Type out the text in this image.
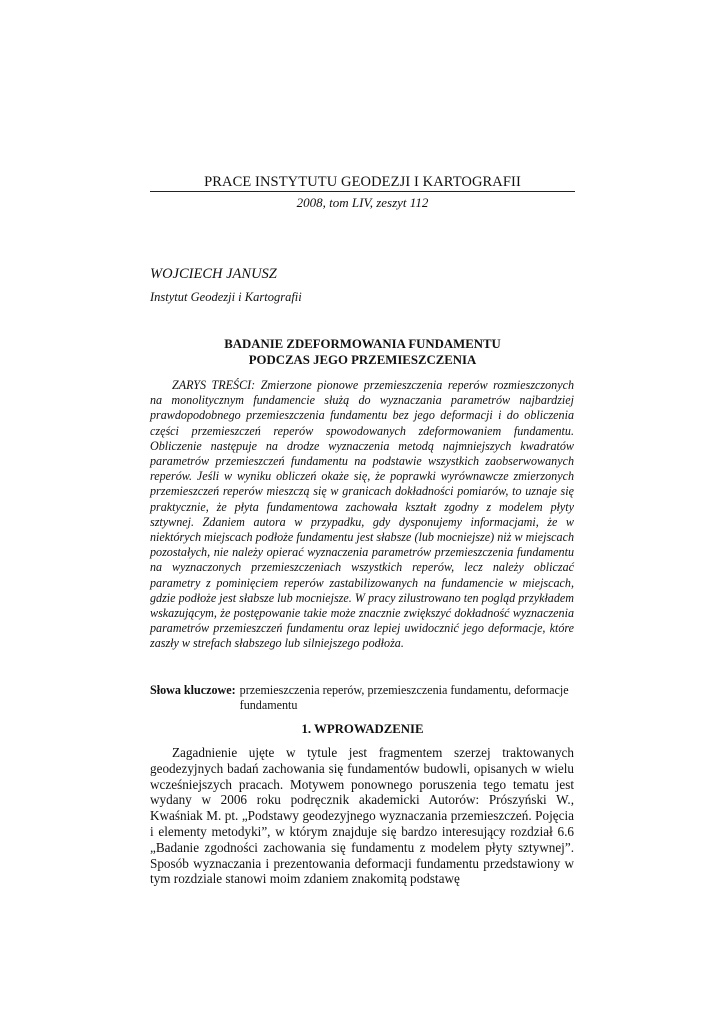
PRACE INSTYTUTU GEODEZJI I KARTOGRAFII
2008, tom LIV, zeszyt 112
WOJCIECH JANUSZ
Instytut Geodezji i Kartografii
BADANIE ZDEFORMOWANIA FUNDAMENTU
PODCZAS JEGO PRZEMIESZCZENIA

ZARYS TREŚCI: Zmierzone pionowe przemieszczenia reperów rozmieszczonych na monolitycznym fundamencie służą do wyznaczania parametrów najbardziej prawdopodobnego przemieszczenia fundamentu bez jego deformacji i do obliczenia części przemieszczeń reperów spowodowanych zdeformowaniem fundamentu. Obliczenie następuje na drodze wyznaczenia metodą najmniejszych kwadratów parametrów przemieszczeń fundamentu na podstawie wszystkich zaobserwowanych reperów. Jeśli w wyniku obliczeń okaże się, że poprawki wyrównawcze zmierzonych przemieszczeń reperów mieszczą się w granicach dokładności pomiarów, to uznaje się praktycznie, że płyta fundamentowa zachowała kształt zgodny z modelem płyty sztywnej. Zdaniem autora w przypadku, gdy dysponujemy informacjami, że w niektórych miejscach podłoże fundamentu jest słabsze (lub mocniejsze) niż w miejscach pozostałych, nie należy opierać wyznaczenia parametrów przemieszczenia fundamentu na wyznaczonych przemieszczeniach wszystkich reperów, lecz należy obliczać parametry z pominięciem reperów zastabilizowanych na fundamencie w miejscach, gdzie podłoże jest słabsze lub mocniejsze. W pracy zilustrowano ten pogląd przykładem wskazującym, że postępowanie takie może znacznie zwiększyć dokładność wyznaczenia parametrów przemieszczeń fundamentu oraz lepiej uwidocznić jego deformacje, które zaszły w strefach słabszego lub silniejszego podłoża.

Słowa kluczowe: przemieszczenia reperów, przemieszczenia fundamentu, deformacje fundamentu
1. WPROWADZENIE

Zagadnienie ujęte w tytule jest fragmentem szerzej traktowanych geodezyjnych badań zachowania się fundamentów budowli, opisanych w wielu wcześniejszych pracach. Motywem ponownego poruszenia tego tematu jest wydany w 2006 roku podręcznik akademicki Autorów: Prószyński W., Kwaśniak M. pt. „Podstawy geodezyjnego wyznaczania przemieszczeń. Pojęcia i elementy metodyki”, w którym znajduje się bardzo interesujący rozdział 6.6 „Badanie zgodności zachowania się fundamentu z modelem płyty sztywnej”. Sposób wyznaczania i prezentowania deformacji fundamentu przedstawiony w tym rozdziale stanowi moim zdaniem znakomitą podstawę
